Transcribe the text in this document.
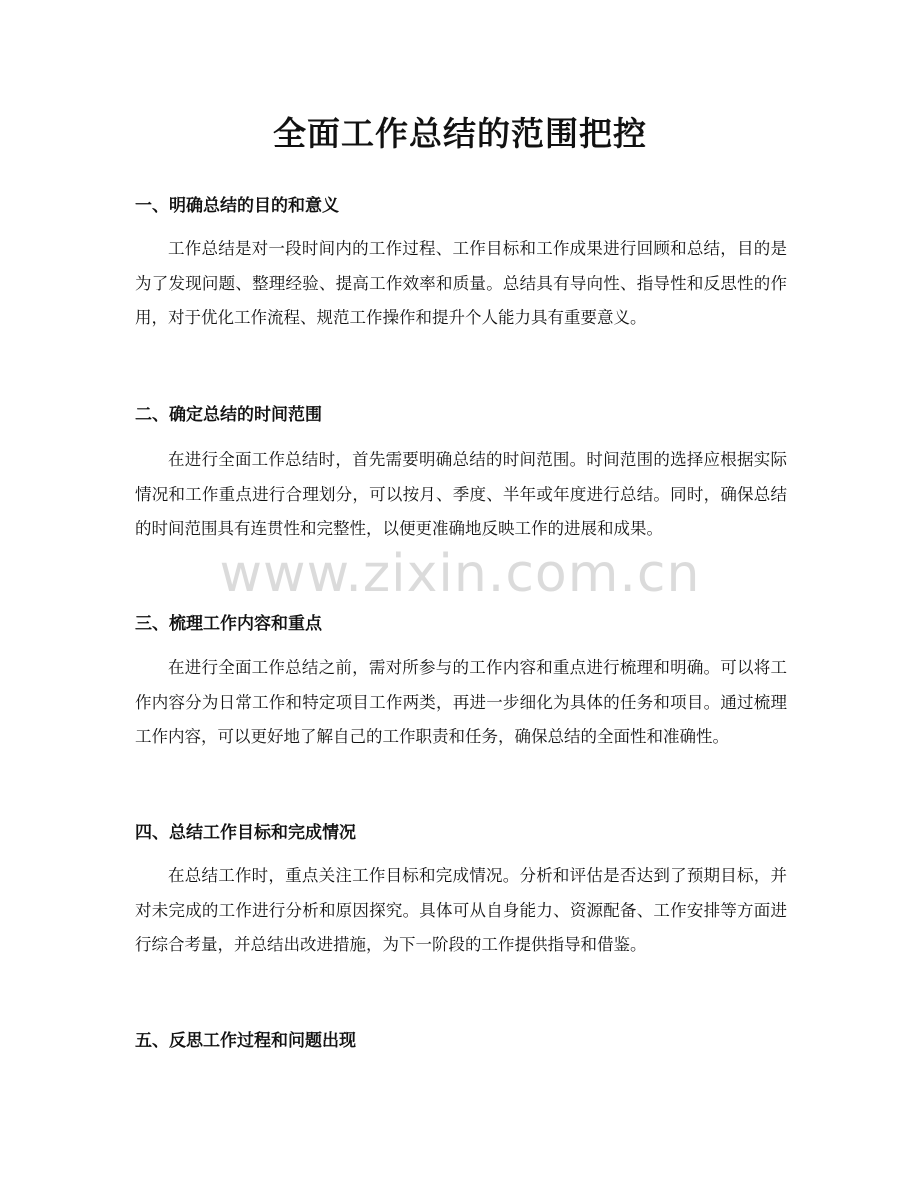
全面工作总结的范围把控
一、明确总结的目的和意义

工作总结是对一段时间内的工作过程、工作目标和工作成果进行回顾和总结，目的是为了发现问题、整理经验、提高工作效率和质量。总结具有导向性、指导性和反思性的作用，对于优化工作流程、规范工作操作和提升个人能力具有重要意义。

二、确定总结的时间范围

在进行全面工作总结时，首先需要明确总结的时间范围。时间范围的选择应根据实际情况和工作重点进行合理划分，可以按月、季度、半年或年度进行总结。同时，确保总结的时间范围具有连贯性和完整性，以便更准确地反映工作的进展和成果。

三、梳理工作内容和重点

在进行全面工作总结之前，需对所参与的工作内容和重点进行梳理和明确。可以将工作内容分为日常工作和特定项目工作两类，再进一步细化为具体的任务和项目。通过梳理工作内容，可以更好地了解自己的工作职责和任务，确保总结的全面性和准确性。

四、总结工作目标和完成情况

在总结工作时，重点关注工作目标和完成情况。分析和评估是否达到了预期目标，并对未完成的工作进行分析和原因探究。具体可从自身能力、资源配备、工作安排等方面进行综合考量，并总结出改进措施，为下一阶段的工作提供指导和借鉴。

五、反思工作过程和问题出现
www.zixin.com.cn
